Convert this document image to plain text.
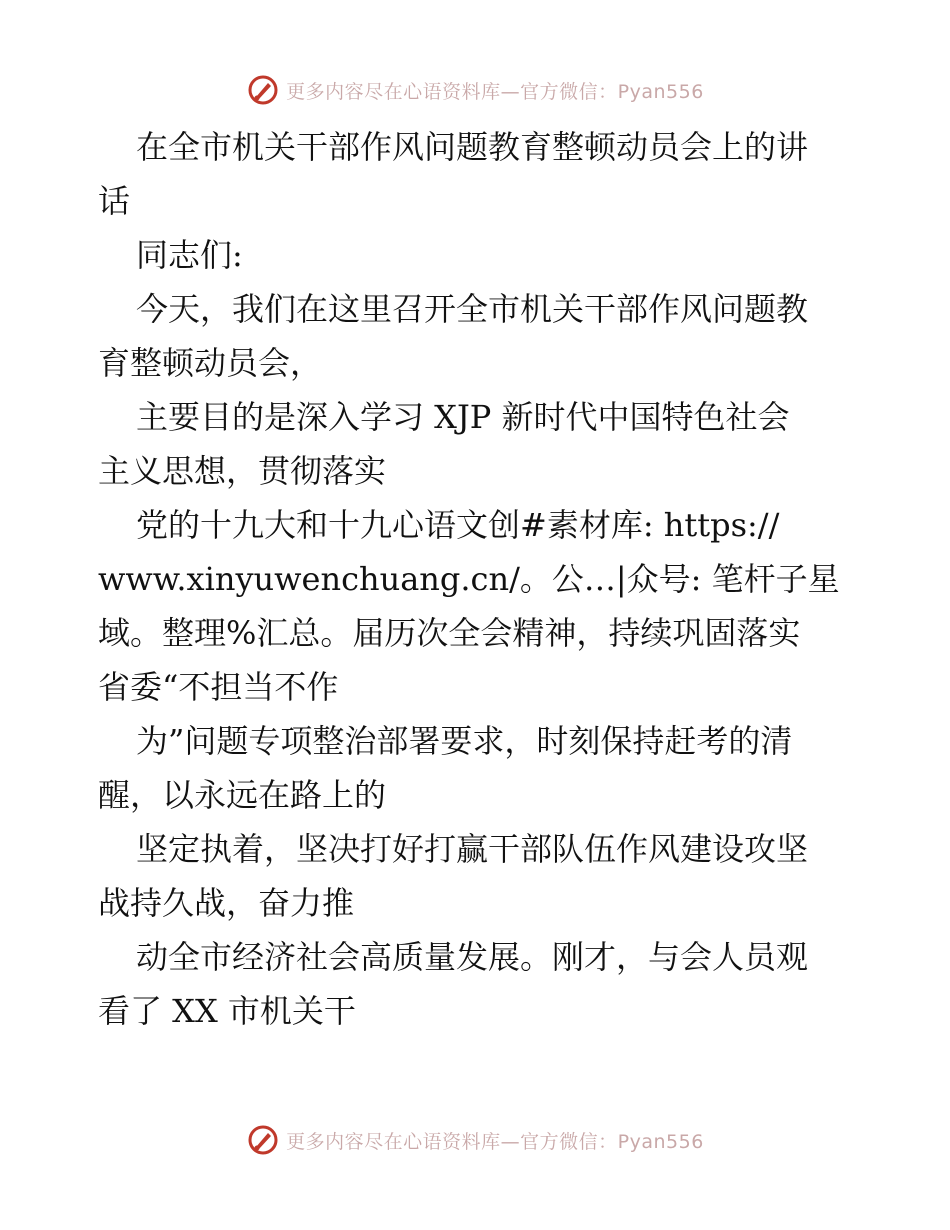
更多内容尽在心语资料库—官方微信：Pyan556
在全市机关干部作风问题教育整顿动员会上的讲
话
同志们:
今天，我们在这里召开全市机关干部作风问题教
育整顿动员会，
主要目的是深入学习 XJP 新时代中国特色社会
主义思想，贯彻落实
党的十九大和十九心语文创#素材库: https://
www.xinyuwenchuang.cn/。公…|众号: 笔杆子星
域。整理%汇总。届历次全会精神，持续巩固落实
省委“不担当不作
为”问题专项整治部署要求，时刻保持赶考的清
醒，以永远在路上的
坚定执着，坚决打好打赢干部队伍作风建设攻坚
战持久战，奋力推
动全市经济社会高质量发展。刚才，与会人员观
看了 XX 市机关干
更多内容尽在心语资料库—官方微信：Pyan556
